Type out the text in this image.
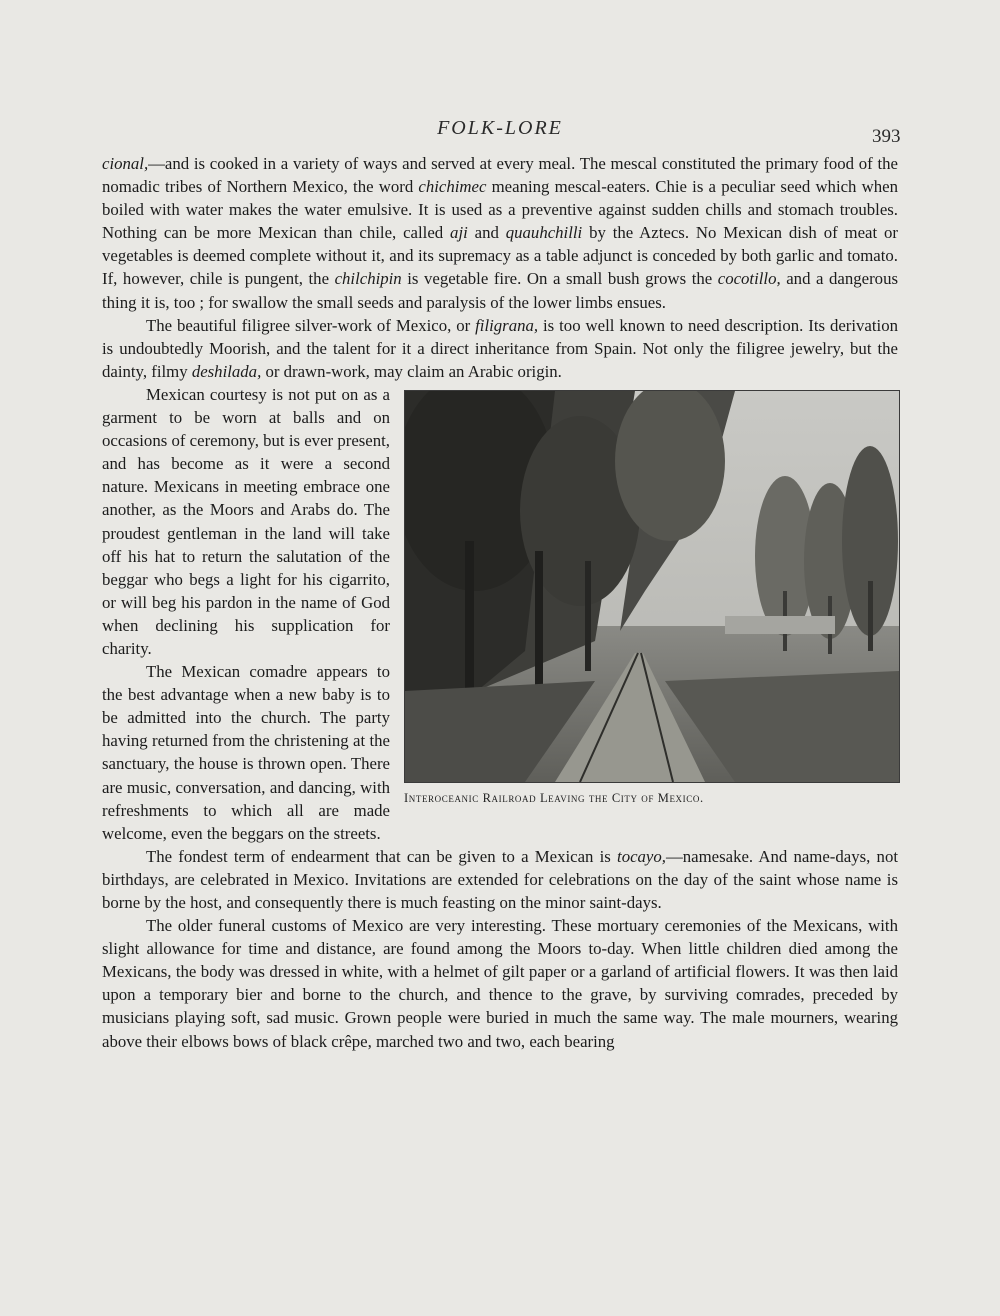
FOLK-LORE	393

cional,—and is cooked in a variety of ways and served at every meal. The mescal constituted the primary food of the nomadic tribes of Northern Mexico, the word chichimec meaning mescal-eaters. Chie is a peculiar seed which when boiled with water makes the water emulsive. It is used as a preventive against sudden chills and stomach troubles. Nothing can be more Mexican than chile, called aji and quauhchilli by the Aztecs. No Mexican dish of meat or vegetables is deemed complete without it, and its supremacy as a table adjunct is conceded by both garlic and tomato. If, however, chile is pungent, the chilchipin is vegetable fire. On a small bush grows the cocotillo, and a dangerous thing it is, too ; for swallow the small seeds and paralysis of the lower limbs ensues.

The beautiful filigree silver-work of Mexico, or filigrana, is too well known to need description. Its derivation is undoubtedly Moorish, and the talent for it a direct inheritance from Spain. Not only the filigree jewelry, but the dainty, filmy deshilada, or drawn-work, may claim an Arabic origin.

Interoceanic Railroad Leaving the City of Mexico.

Mexican courtesy is not put on as a garment to be worn at balls and on occasions of ceremony, but is ever present, and has become as it were a second nature. Mexicans in meeting embrace one another, as the Moors and Arabs do. The proudest gentleman in the land will take off his hat to return the salutation of the beggar who begs a light for his cigarrito, or will beg his pardon in the name of God when declining his supplication for charity.

The Mexican comadre appears to the best advantage when a new baby is to be admitted into the church. The party having returned from the christening at the sanctuary, the house is thrown open. There are music, conversation, and dancing, with refreshments to which all are made welcome, even the beggars on the streets.

The fondest term of endearment that can be given to a Mexican is tocayo,—namesake. And name-days, not birthdays, are celebrated in Mexico. Invitations are extended for celebrations on the day of the saint whose name is borne by the host, and consequently there is much feasting on the minor saint-days.

The older funeral customs of Mexico are very interesting. These mortuary ceremonies of the Mexicans, with slight allowance for time and distance, are found among the Moors to-day. When little children died among the Mexicans, the body was dressed in white, with a helmet of gilt paper or a garland of artificial flowers. It was then laid upon a temporary bier and borne to the church, and thence to the grave, by surviving comrades, preceded by musicians playing soft, sad music. Grown people were buried in much the same way. The male mourners, wearing above their elbows bows of black crêpe, marched two and two, each bearing
